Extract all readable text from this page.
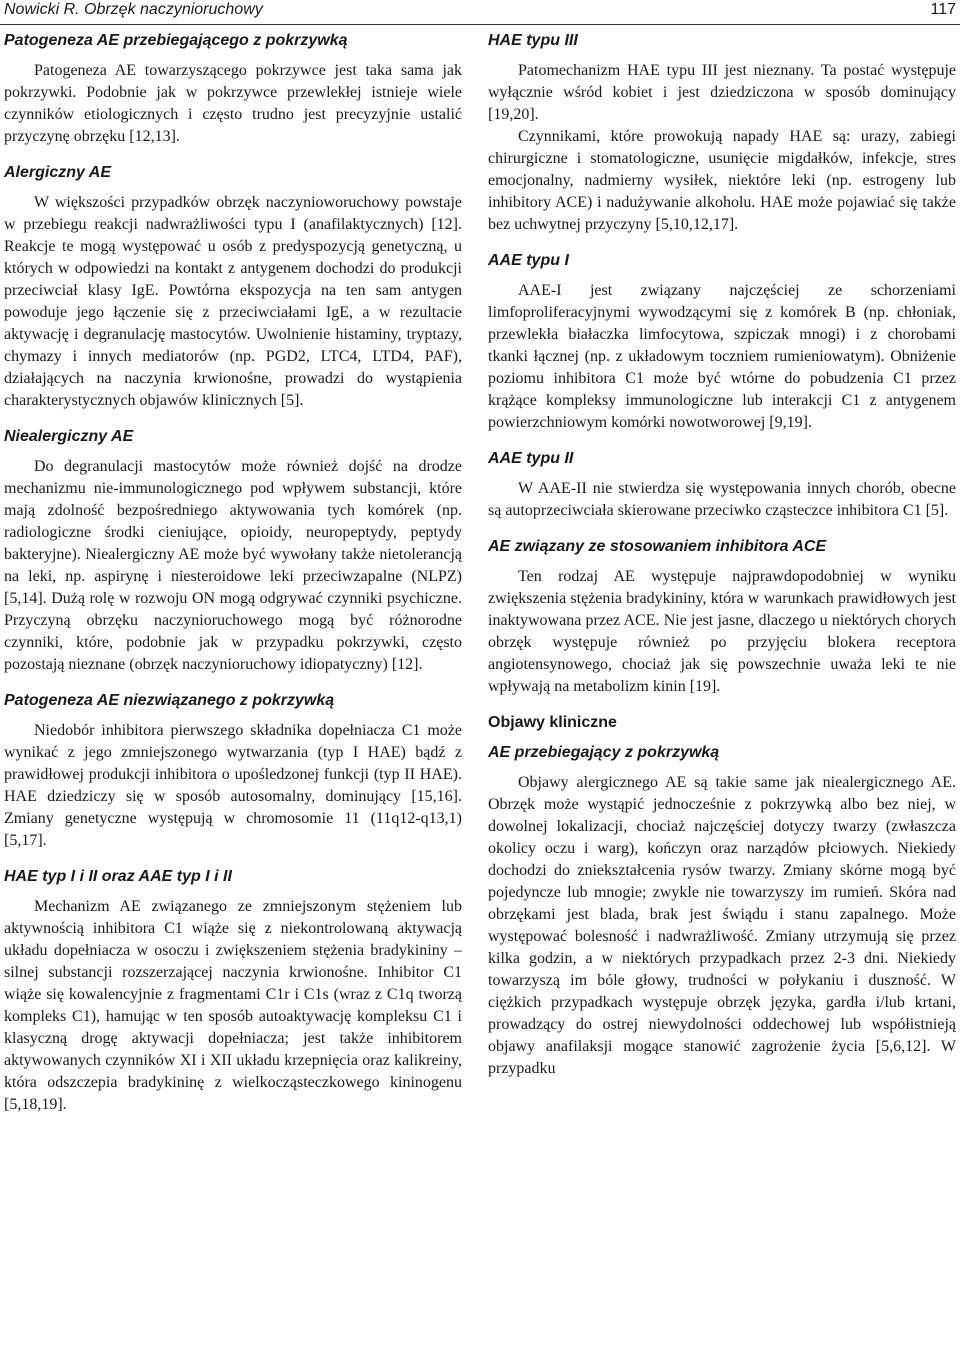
Nowicki R. Obrzęk naczynioruchowy	117
Patogeneza AE przebiegającego z pokrzywką

Patogeneza AE towarzyszącego pokrzywce jest taka sama jak pokrzywki. Podobnie jak w pokrzywce przewlekłej istnieje wiele czynników etiologicznych i często trudno jest precyzyjnie ustalić przyczynę obrzęku [12,13].

Alergiczny AE

W większości przypadków obrzęk naczynioworuchowy powstaje w przebiegu reakcji nadwrażliwości typu I (anafilaktycznych) [12]. Reakcje te mogą występować u osób z predyspozycją genetyczną, u których w odpowiedzi na kontakt z antygenem dochodzi do produkcji przeciwciał klasy IgE. Powtórna ekspozycja na ten sam antygen powoduje jego łączenie się z przeciwciałami IgE, a w rezultacie aktywację i degranulację mastocytów. Uwolnienie histaminy, tryptazy, chymazy i innych mediatorów (np. PGD2, LTC4, LTD4, PAF), działających na naczynia krwionośne, prowadzi do wystąpienia charakterystycznych objawów klinicznych [5].

Niealergiczny AE

Do degranulacji mastocytów może również dojść na drodze mechanizmu nie-immunologicznego pod wpływem substancji, które mają zdolność bezpośredniego aktywowania tych komórek (np. radiologiczne środki cieniujące, opioidy, neuropeptydy, peptydy bakteryjne). Niealergiczny AE może być wywołany także nietolerancją na leki, np. aspirynę i niesteroidowe leki przeciwzapalne (NLPZ) [5,14]. Dużą rolę w rozwoju ON mogą odgrywać czynniki psychiczne. Przyczyną obrzęku naczynioruchowego mogą być różnorodne czynniki, które, podobnie jak w przypadku pokrzywki, często pozostają nieznane (obrzęk naczynioruchowy idiopatyczny) [12].

Patogeneza AE niezwiązanego z pokrzywką

Niedobór inhibitora pierwszego składnika dopełniacza C1 może wynikać z jego zmniejszonego wytwarzania (typ I HAE) bądź z prawidłowej produkcji inhibitora o upośledzonej funkcji (typ II HAE). HAE dziedziczy się w sposób autosomalny, dominujący [15,16]. Zmiany genetyczne występują w chromosomie 11 (11q12-q13,1) [5,17].

HAE typ I i II oraz AAE typ I i II

Mechanizm AE związanego ze zmniejszonym stężeniem lub aktywnością inhibitora C1 wiąże się z niekontrolowaną aktywacją układu dopełniacza w osoczu i zwiększeniem stężenia bradykininy – silnej substancji rozszerzającej naczynia krwionośne. Inhibitor C1 wiąże się kowalencyjnie z fragmentami C1r i C1s (wraz z C1q tworzą kompleks C1), hamując w ten sposób autoaktywację kompleksu C1 i klasyczną drogę aktywacji dopełniacza; jest także inhibitorem aktywowanych czynników XI i XII układu krzepnięcia oraz kalikreiny, która odszczepia bradykininę z wielkocząsteczkowego kininogenu [5,18,19].

HAE typu III

Patomechanizm HAE typu III jest nieznany. Ta postać występuje wyłącznie wśród kobiet i jest dziedziczona w sposób dominujący [19,20].

Czynnikami, które prowokują napady HAE są: urazy, zabiegi chirurgiczne i stomatologiczne, usunięcie migdałków, infekcje, stres emocjonalny, nadmierny wysiłek, niektóre leki (np. estrogeny lub inhibitory ACE) i nadużywanie alkoholu. HAE może pojawiać się także bez uchwytnej przyczyny [5,10,12,17].

AAE typu I

AAE-I jest związany najczęściej ze schorzeniami limfoproliferacyjnymi wywodzącymi się z komórek B (np. chłoniak, przewlekła białaczka limfocytowa, szpiczak mnogi) i z chorobami tkanki łącznej (np. z układowym toczniem rumieniowatym). Obniżenie poziomu inhibitora C1 może być wtórne do pobudzenia C1 przez krążące kompleksy immunologiczne lub interakcji C1 z antygenem powierzchniowym komórki nowotworowej [9,19].

AAE typu II

W AAE-II nie stwierdza się występowania innych chorób, obecne są autoprzeciwciała skierowane przeciwko cząsteczce inhibitora C1 [5].

AE związany ze stosowaniem inhibitora ACE

Ten rodzaj AE występuje najprawdopodobniej w wyniku zwiększenia stężenia bradykininy, która w warunkach prawidłowych jest inaktywowana przez ACE. Nie jest jasne, dlaczego u niektórych chorych obrzęk występuje również po przyjęciu blokera receptora angiotensynowego, chociaż jak się powszechnie uważa leki te nie wpływają na metabolizm kinin [19].

Objawy kliniczne
AE przebiegający z pokrzywką

Objawy alergicznego AE są takie same jak niealergicznego AE. Obrzęk może wystąpić jednocześnie z pokrzywką albo bez niej, w dowolnej lokalizacji, chociaż najczęściej dotyczy twarzy (zwłaszcza okolicy oczu i warg), kończyn oraz narządów płciowych. Niekiedy dochodzi do zniekształcenia rysów twarzy. Zmiany skórne mogą być pojedyncze lub mnogie; zwykle nie towarzyszy im rumień. Skóra nad obrzękami jest blada, brak jest świądu i stanu zapalnego. Może występować bolesność i nadwrażliwość. Zmiany utrzymują się przez kilka godzin, a w niektórych przypadkach przez 2-3 dni. Niekiedy towarzyszą im bóle głowy, trudności w połykaniu i duszność. W ciężkich przypadkach występuje obrzęk języka, gardła i/lub krtani, prowadzący do ostrej niewydolności oddechowej lub współistnieją objawy anafilaksji mogące stanowić zagrożenie życia [5,6,12]. W przypadku
